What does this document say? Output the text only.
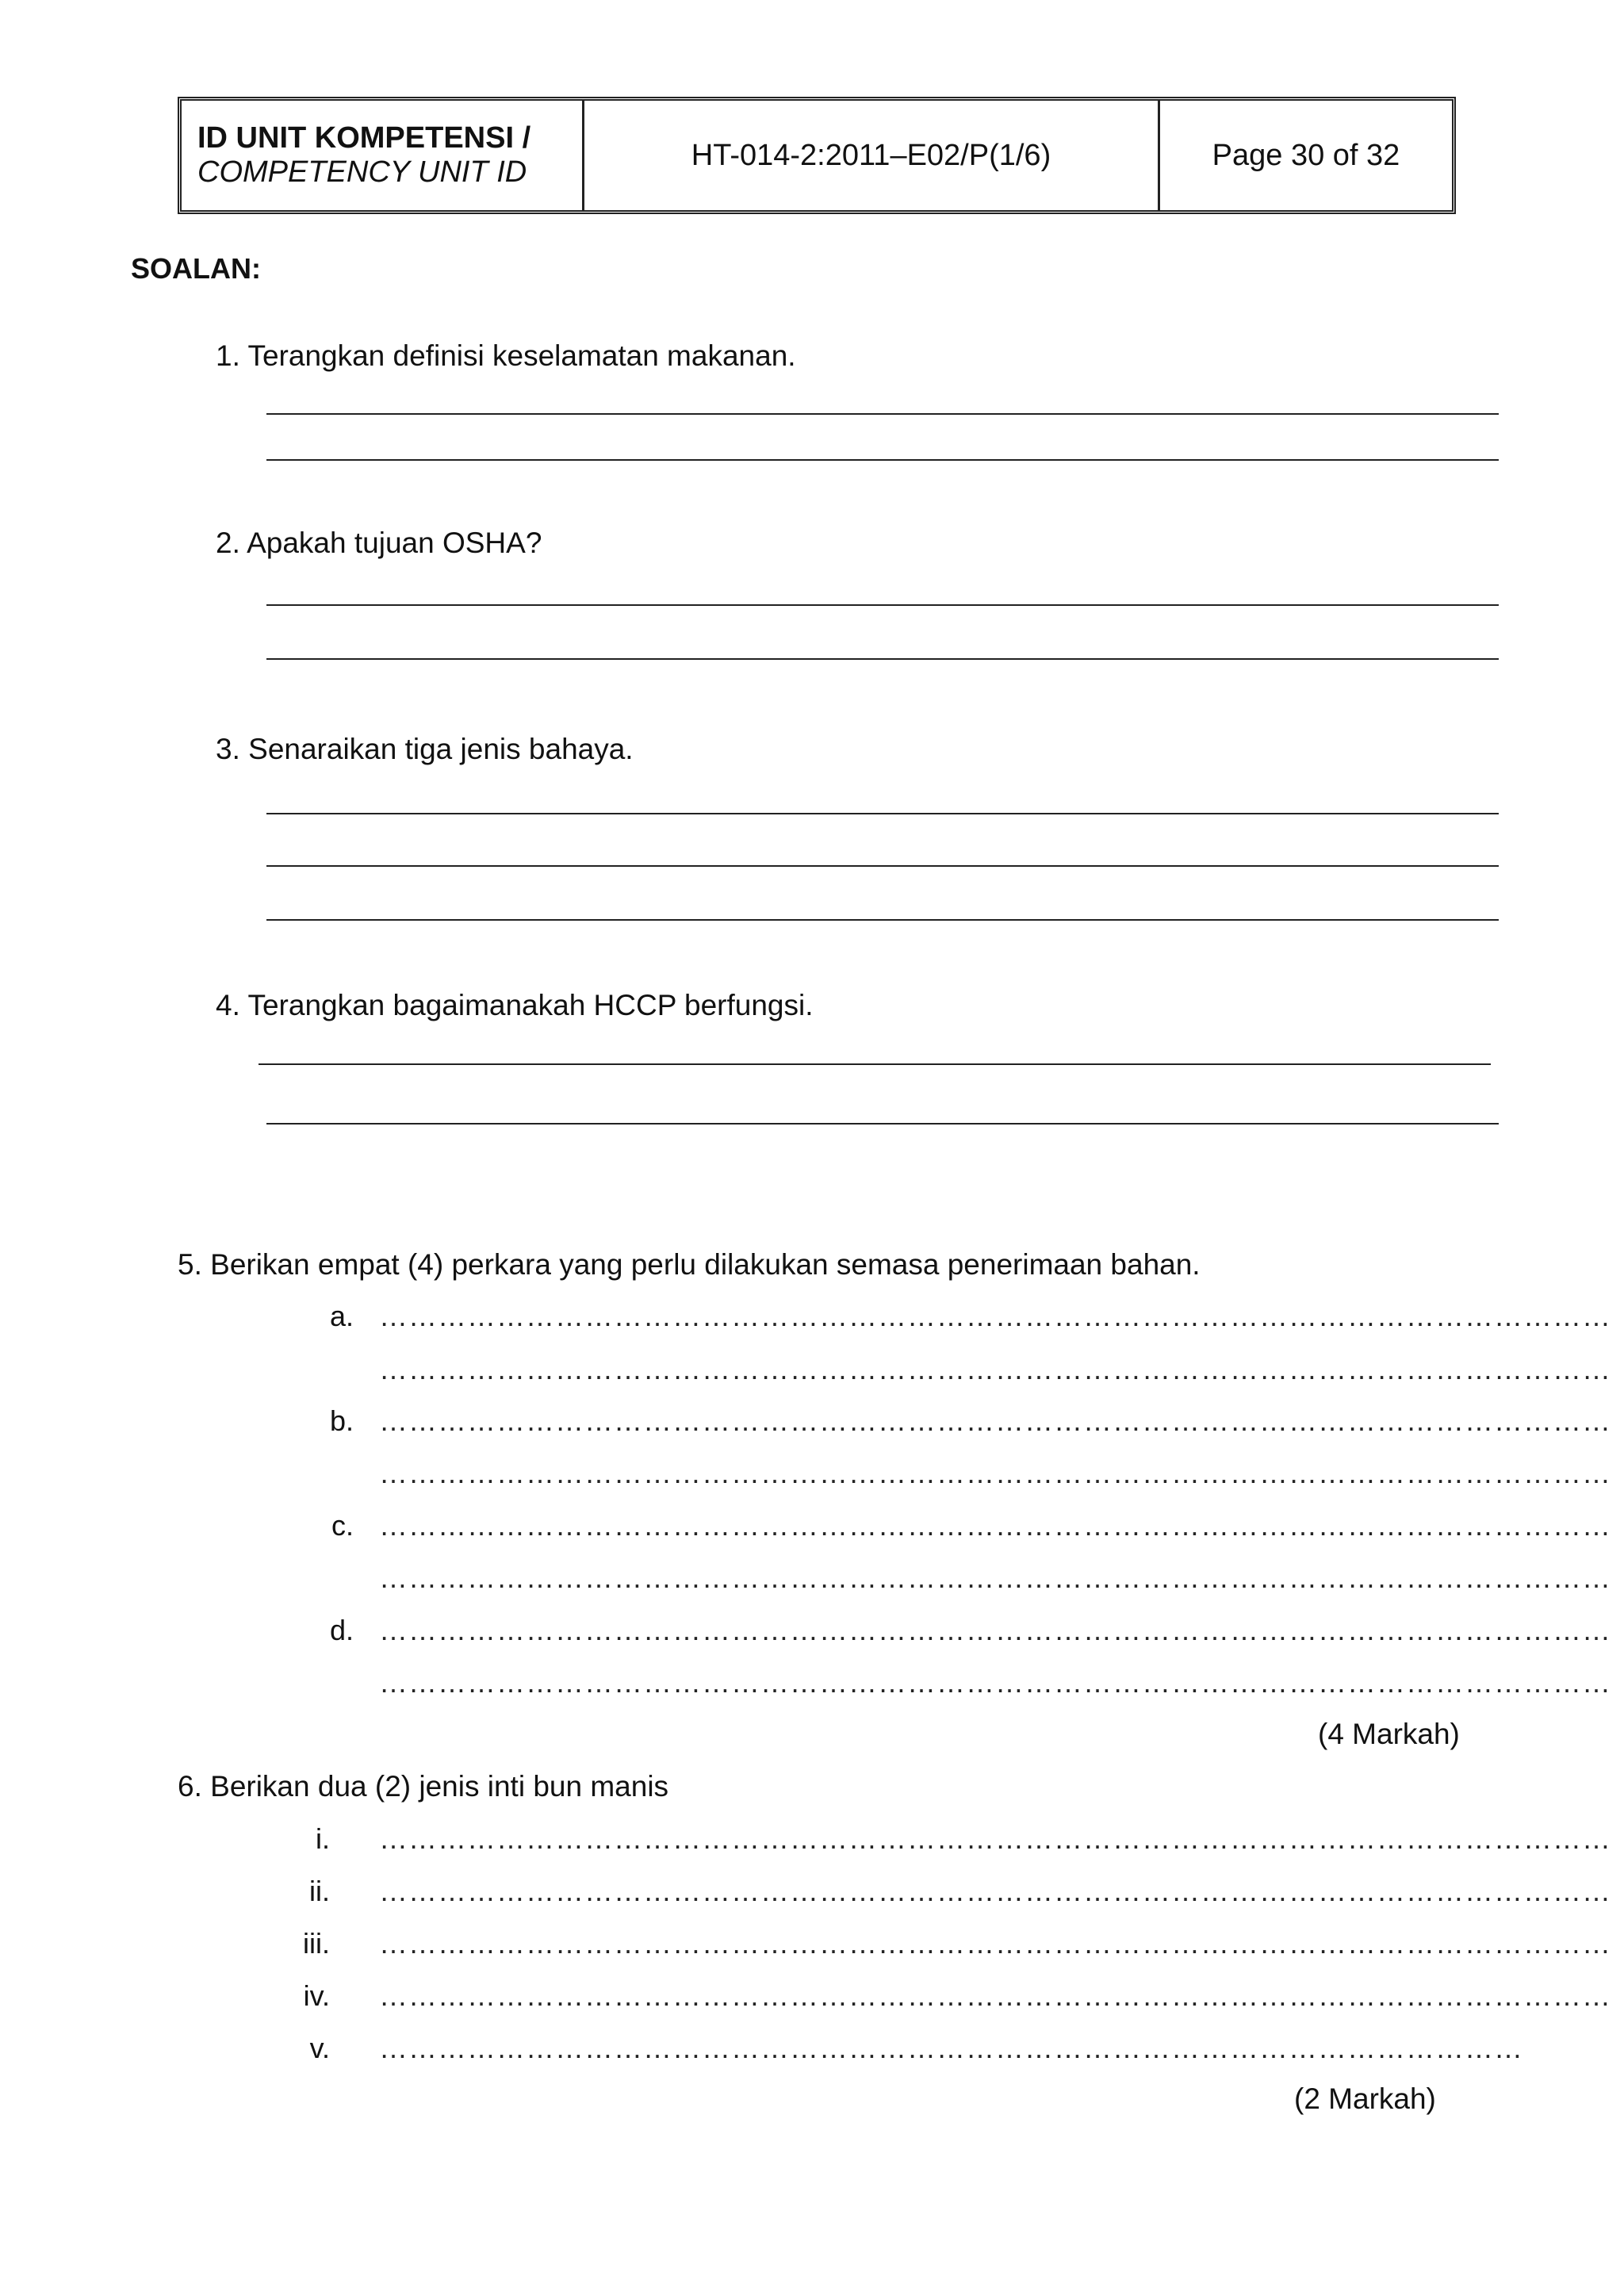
ID UNIT KOMPETENSI /
COMPETENCY UNIT ID
HT-014-2:2011–E02/P(1/6)	Page 30 of 32
SOALAN:
1. Terangkan definisi keselamatan makanan.
2. Apakah tujuan OSHA?
3. Senaraikan tiga jenis bahaya.
4. Terangkan bagaimanakah HCCP berfungsi.
5. Berikan empat (4) perkara yang perlu dilakukan semasa penerimaan bahan.
a. ………………………………………………………………………………………………………………
………………………………………………………………………………………………………………
b. ………………………………………………………………………………………………………………
………………………………………………………………………………………………………………
c. ………………………………………………………………………………………………………………
………………………………………………………………………………………………………………
d. ………………………………………………………………………………………………………………
………………………………………………………………………………………………………………
(4 Markah)
6. Berikan dua (2) jenis inti bun manis
i. ………………………………………………………………………………………………………………
ii. ………………………………………………………………………………………………………………
iii. ………………………………………………………………………………………………………………
iv. ………………………………………………………………………………………………………………
v. ………………………………………………………………………………………………………
(2 Markah)
